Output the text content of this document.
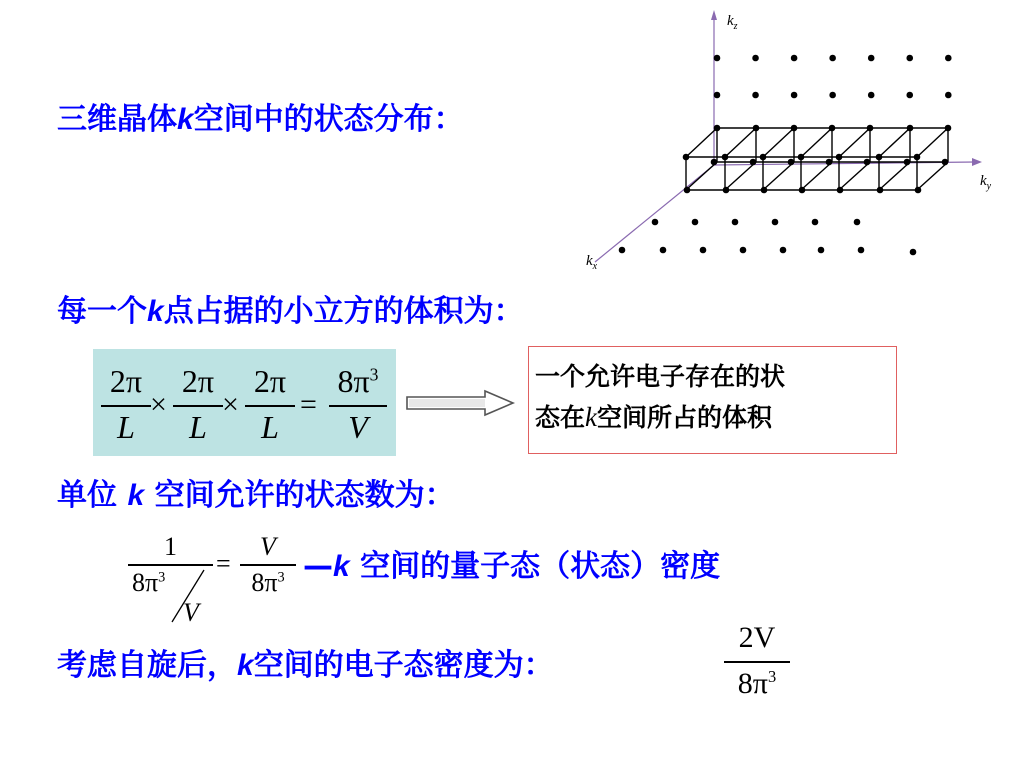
三维晶体k空间中的状态分布：
$k_z$
$k_y$
$k_x$
每一个k点占据的小立方的体积为：
2π
L
×
2π
L
×
2π
L
=
$8\pi^3$
V
一个允许电子存在的状
态在k空间所占的体积
单位 k 空间允许的状态数为：
1
$8\pi^3$
V
=
V
$8\pi^3$ —k 空间的量子态（状态）密度
考虑自旋后，k空间的电子态密度为：
2V
$8\pi^3$
